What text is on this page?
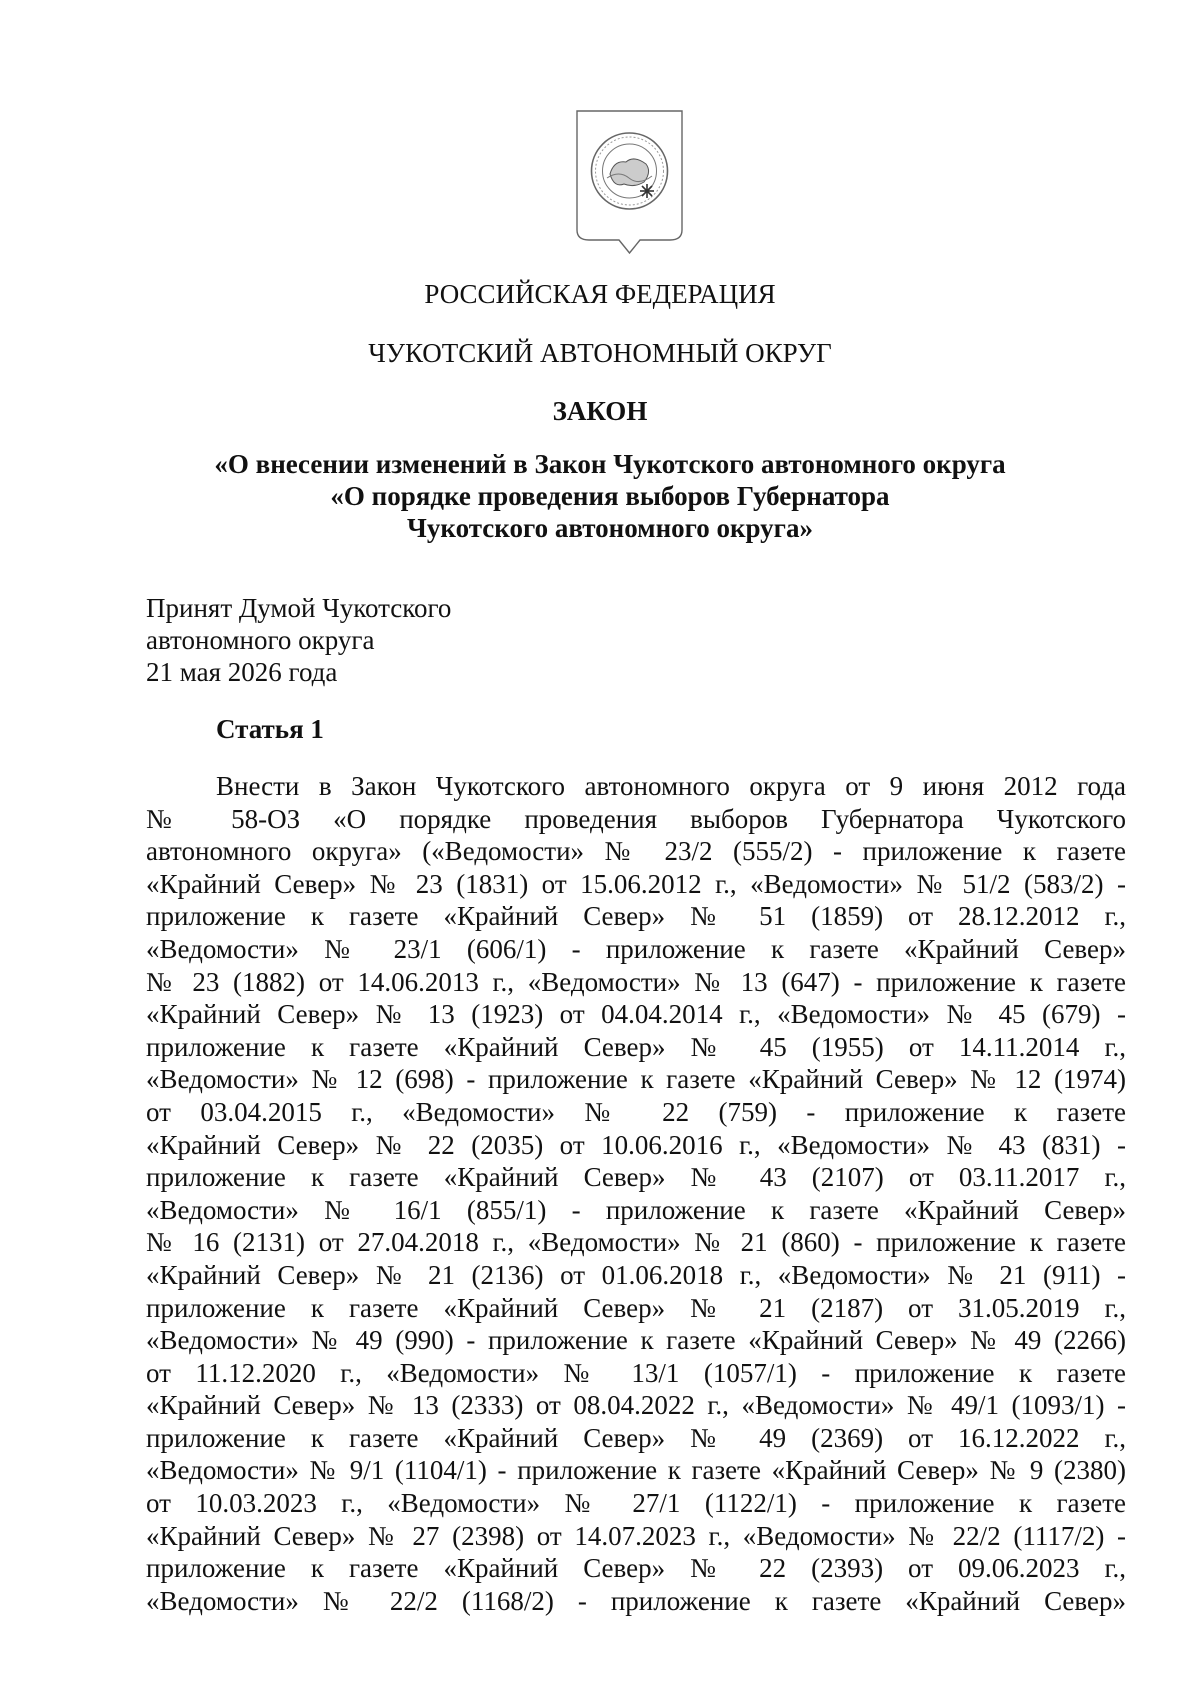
РОССИЙСКАЯ ФЕДЕРАЦИЯ
ЧУКОТСКИЙ АВТОНОМНЫЙ ОКРУГ
ЗАКОН
«О внесении изменений в Закон Чукотского автономного округа
«О порядке проведения выборов Губернатора
Чукотского автономного округа»
Принят Думой Чукотского
автономного округа
21 мая 2026 года
Статья 1
Внести в Закон Чукотского автономного округа от 9 июня 2012 года
№ 58-ОЗ «О порядке проведения выборов Губернатора Чукотского
автономного округа» («Ведомости» № 23/2 (555/2) - приложение к газете
«Крайний Север» № 23 (1831) от 15.06.2012 г., «Ведомости» № 51/2 (583/2) -
приложение к газете «Крайний Север» № 51 (1859) от 28.12.2012 г.,
«Ведомости» № 23/1 (606/1) - приложение к газете «Крайний Север»
№ 23 (1882) от 14.06.2013 г., «Ведомости» № 13 (647) - приложение к газете
«Крайний Север» № 13 (1923) от 04.04.2014 г., «Ведомости» № 45 (679) -
приложение к газете «Крайний Север» № 45 (1955) от 14.11.2014 г.,
«Ведомости» № 12 (698) - приложение к газете «Крайний Север» № 12 (1974)
от 03.04.2015 г., «Ведомости» № 22 (759) - приложение к газете
«Крайний Север» № 22 (2035) от 10.06.2016 г., «Ведомости» № 43 (831) -
приложение к газете «Крайний Север» № 43 (2107) от 03.11.2017 г.,
«Ведомости» № 16/1 (855/1) - приложение к газете «Крайний Север»
№ 16 (2131) от 27.04.2018 г., «Ведомости» № 21 (860) - приложение к газете
«Крайний Север» № 21 (2136) от 01.06.2018 г., «Ведомости» № 21 (911) -
приложение к газете «Крайний Север» № 21 (2187) от 31.05.2019 г.,
«Ведомости» № 49 (990) - приложение к газете «Крайний Север» № 49 (2266)
от 11.12.2020 г., «Ведомости» № 13/1 (1057/1) - приложение к газете
«Крайний Север» № 13 (2333) от 08.04.2022 г., «Ведомости» № 49/1 (1093/1) -
приложение к газете «Крайний Север» № 49 (2369) от 16.12.2022 г.,
«Ведомости» № 9/1 (1104/1) - приложение к газете «Крайний Север» № 9 (2380)
от 10.03.2023 г., «Ведомости» № 27/1 (1122/1) - приложение к газете
«Крайний Север» № 27 (2398) от 14.07.2023 г., «Ведомости» № 22/2 (1117/2) -
приложение к газете «Крайний Север» № 22 (2393) от 09.06.2023 г.,
«Ведомости» № 22/2 (1168/2) - приложение к газете «Крайний Север»
